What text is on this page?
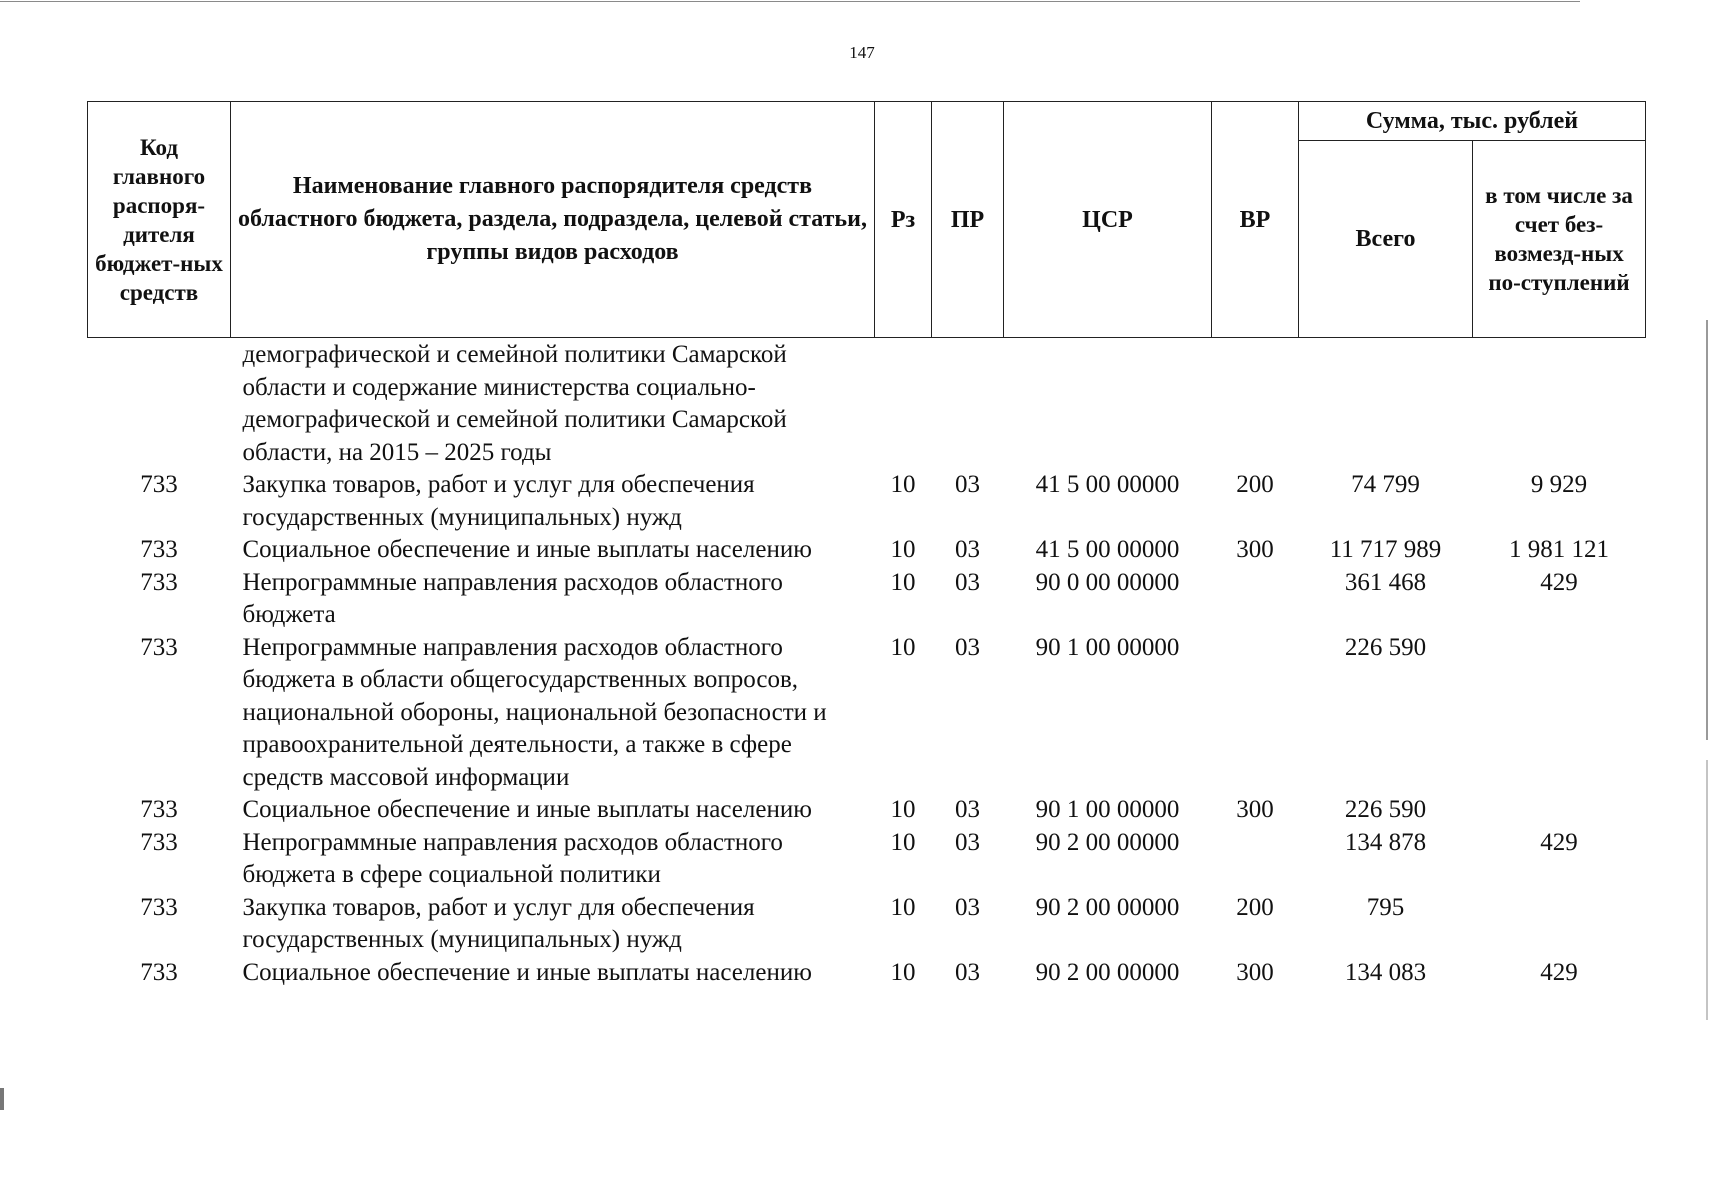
147
Код главного распоря-дителя бюджет-ных средств	Наименование главного распорядителя средств областного бюджета, раздела, подраздела, целевой статьи, группы видов расходов	Рз	ПР	ЦСР	ВР	Сумма, тыс. рублей	
						Всего	в том числе за счет без-возмезд-ных по-ступлений
	демографической и семейной политики Самарской области и содержание министерства социально-демографической и семейной политики Самарской области, на 2015 – 2025 годы						
733	Закупка товаров, работ и услуг для обеспечения государственных (муниципальных) нужд	10	03	41 5 00 00000	200	74 799	9 929
733	Социальное обеспечение и иные выплаты населению	10	03	41 5 00 00000	300	11 717 989	1 981 121
733	Непрограммные направления расходов областного бюджета	10	03	90 0 00 00000		361 468	429
733	Непрограммные направления расходов областного бюджета в области общегосударственных вопросов, национальной обороны, национальной безопасности и правоохранительной деятельности, а также в сфере средств массовой информации	10	03	90 1 00 00000		226 590	
733	Социальное обеспечение и иные выплаты населению	10	03	90 1 00 00000	300	226 590	
733	Непрограммные направления расходов областного бюджета в сфере социальной политики	10	03	90 2 00 00000		134 878	429
733	Закупка товаров, работ и услуг для обеспечения государственных (муниципальных) нужд	10	03	90 2 00 00000	200	795	
733	Социальное обеспечение и иные выплаты населению	10	03	90 2 00 00000	300	134 083	429
